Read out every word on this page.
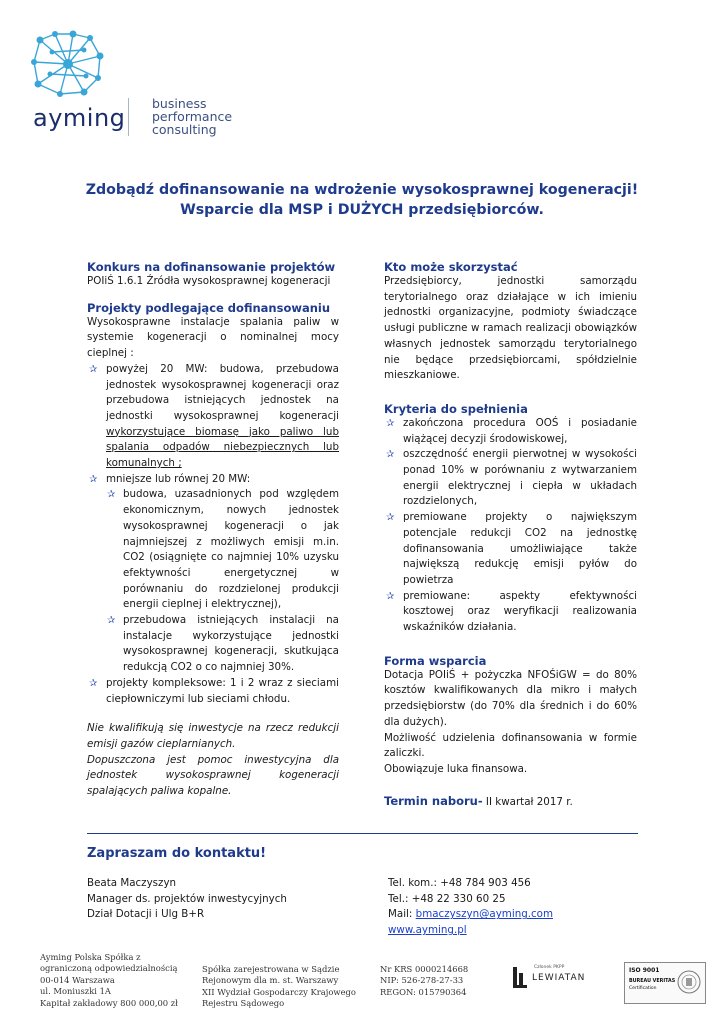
ayming
business
performance
consulting
Zdobądź dofinansowanie na wdrożenie wysokosprawnej kogeneracji!
Wsparcie dla MSP i DUŻYCH przedsiębiorców.

Konkurs na dofinansowanie projektów

POIiŚ 1.6.1 Źródła wysokosprawnej kogeneracji

Projekty podlegające dofinansowaniu

Wysokosprawne instalacje spalania paliw w systemie kogeneracji o nominalnej mocy cieplnej :

✰ powyżej 20 MW: budowa, przebudowa jednostek wysokosprawnej kogeneracji oraz przebudowa istniejących jednostek na jednostki wysokosprawnej kogeneracji wykorzystujące biomasę jako paliwo lub spalania odpadów niebezpiecznych lub komunalnych ;
✰ mniejsze lub równej 20 MW:
✰ budowa, uzasadnionych pod względem ekonomicznym, nowych jednostek wysokosprawnej kogeneracji o jak najmniejszej z możliwych emisji m.in. CO2 (osiągnięte co najmniej 10% uzysku efektywności energetycznej w porównaniu do rozdzielonej produkcji energii cieplnej i elektrycznej),
✰ przebudowa istniejących instalacji na instalacje wykorzystujące jednostki wysokosprawnej kogeneracji, skutkująca redukcją CO2 o co najmniej 30%.
✰ projekty kompleksowe: 1 i 2 wraz z sieciami ciepłowniczymi lub sieciami chłodu.

Nie kwalifikują się inwestycje na rzecz redukcji emisji gazów cieplarnianych.

Dopuszczona jest pomoc inwestycyjna dla jednostek wysokosprawnej kogeneracji spalających paliwa kopalne.

Kto może skorzystać

Przedsiębiorcy, jednostki samorządu terytorialnego oraz działające w ich imieniu jednostki organizacyjne, podmioty świadczące usługi publiczne w ramach realizacji obowiązków własnych jednostek samorządu terytorialnego nie będące przedsiębiorcami, spółdzielnie mieszkaniowe.

Kryteria do spełnienia

✰ zakończona procedura OOŚ i posiadanie wiążącej decyzji środowiskowej,
✰ oszczędność energii pierwotnej w wysokości ponad 10% w porównaniu z wytwarzaniem energii elektrycznej i ciepła w układach rozdzielonych,
✰ premiowane projekty o największym potencjale redukcji CO2 na jednostkę dofinansowania umożliwiające także największą redukcję emisji pyłów do powietrza
✰ premiowane: aspekty efektywności kosztowej oraz weryfikacji realizowania wskaźników działania.

Forma wsparcia

Dotacja POIiŚ + pożyczka NFOŚiGW = do 80% kosztów kwalifikowanych dla mikro i małych przedsiębiorstw (do 70% dla średnich i do 60% dla dużych).

Możliwość udzielenia dofinansowania w formie zaliczki.

Obowiązuje luka finansowa.

Termin naboru- II kwartał 2017 r.

Zapraszam do kontaktu!
Beata Maczyszyn
Manager ds. projektów inwestycyjnych
Dział Dotacji i Ulg B+R
Tel. kom.: +48 784 903 456
Tel.: +48 22 330 60 25
Mail: bmaczyszyn@ayming.com
www.ayming.pl
Ayming Polska Spółka z
ograniczoną odpowiedzialnością
00-014 Warszawa
ul. Moniuszki 1A
Kapitał zakładowy 800 000,00 zł
Spółka zarejestrowana w Sądzie
Rejonowym dla m. st. Warszawy
XII Wydział Gospodarczy Krajowego
Rejestru Sądowego
Nr KRS 0000214668
NIP: 526-278-27-33
REGON: 015790364
Członek PKPP
LEWIATAN
ISO 9001
BUREAU VERITAS
Certification
